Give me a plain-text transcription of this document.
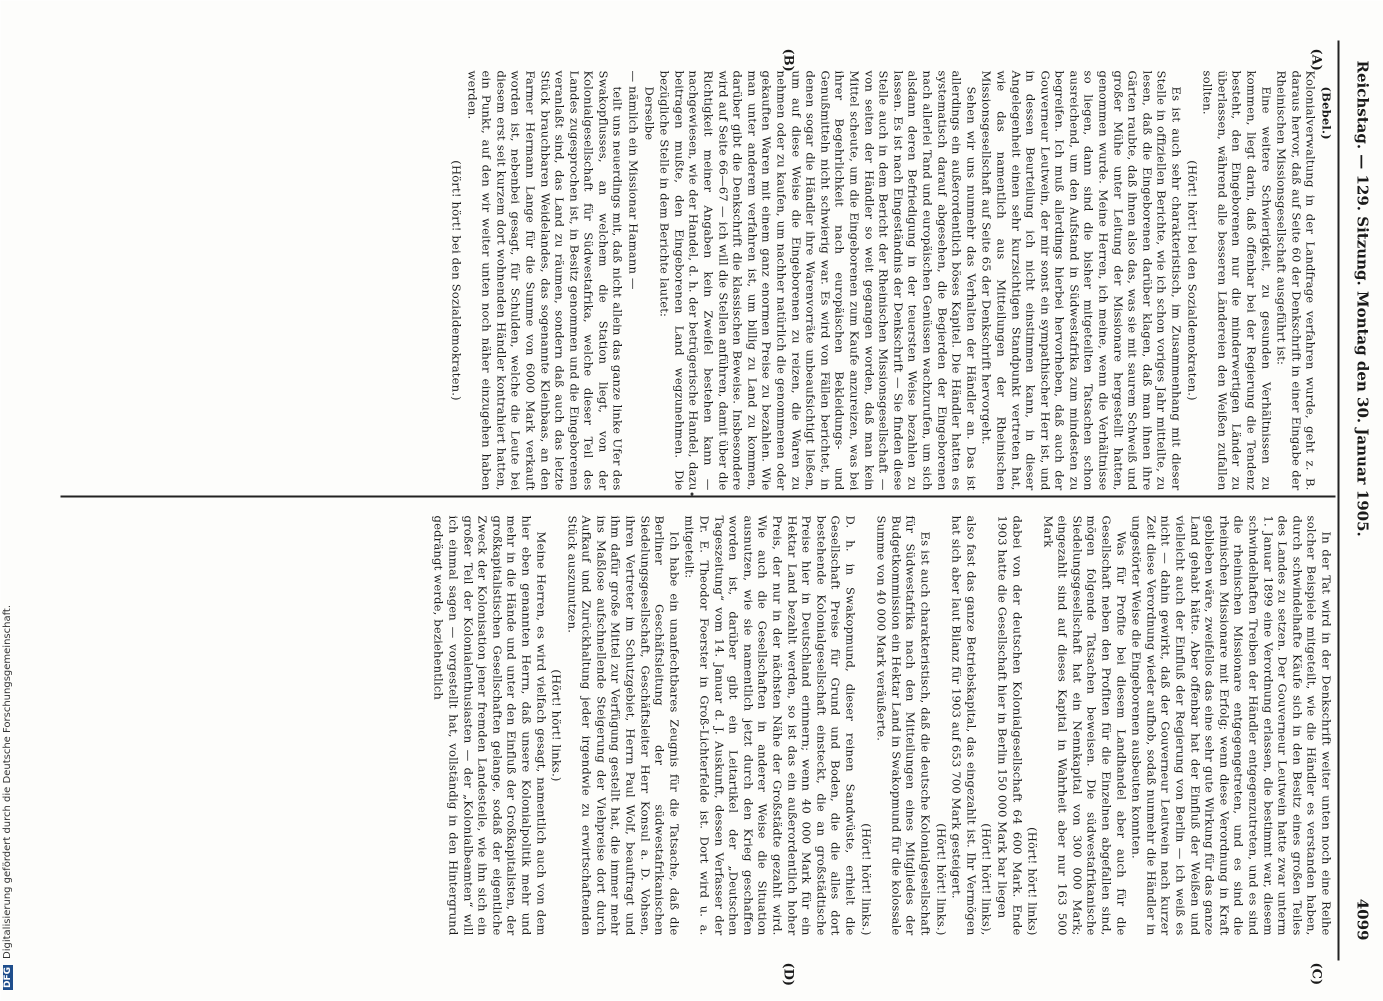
Reichstag. — 129. Sitzung. Montag den 30. Januar 1905.
4099
(A)
(B)
(C)
(D)

(Bebel.)

Kolonialverwaltung in der Landfrage verfahren wurde, geht z. B. daraus hervor, daß auf Seite 60 der Denkschrift in einer Eingabe der Rheinischen Missionsgesellschaft ausgeführt ist:

Eine weitere Schwierigkeit, zu gesunden Verhältnissen zu kommen, liegt darin, daß offenbar bei der Regierung die Tendenz besteht, den Eingeborenen nur die minderwertigen Länder zu überlassen, während alle besseren Ländereien den Weißen zufallen sollten.

(Hört! hört! bei den Sozialdemokraten.)

Es ist auch sehr charakteristisch, im Zusammenhang mit dieser Stelle in offiziellen Berichte, wie ich schon voriges Jahr mitteilte, zu lesen, daß die Eingeborenen darüber klagen, daß man ihnen ihre Gärten raubte, daß ihnen also das, was sie mit saurem Schweiß und großer Mühe unter Leitung der Missionare hergestellt hatten, genommen wurde. Meine Herren, ich meine, wenn die Verhältnisse so liegen, dann sind die bisher mitgeteilten Tatsachen schon ausreichend, um den Aufstand in Südwestafrika zum mindesten zu begreifen. Ich muß allerdings hierbei hervorheben, daß auch der Gouverneur Leutwein, der mir sonst ein sympathischer Herr ist, und in dessen Beurteilung ich nicht einstimmen kann, in dieser Angelegenheit einen sehr kurzsichtigen Standpunkt vertreten hat, wie das namentlich aus Mitteilungen der Rheinischen Missionsgesellschaft auf Seite 65 der Denkschrift hervorgeht.

Sehen wir uns nunmehr das Verhalten der Händler an. Das ist allerdings ein außerordentlich böses Kapitel. Die Händler hatten es systematisch darauf abgesehen, die Begierden der Eingeborenen nach allerlei Tand und europäischen Genüssen wachzurufen, um sich alsdann deren Befriedigung in der teuersten Weise bezahlen zu lassen. Es ist nach Eingeständnis der Denkschrift — Sie finden diese Stelle auch in dem Bericht der Rheinischen Missionsgesellschaft — von seiten der Händler so weit gegangen worden, daß man kein Mittel scheute, um die Eingeborenen zum Kaufe anzureizen, was bei ihrer Begehrlichkeit nach europäischen Bekleidungs- und Genußmitteln nicht schwierig war. Es wird von Fällen berichtet, in denen sogar die Händler ihre Warenvorräte unbeaufsichtigt ließen, um auf diese Weise die Eingeborenen zu reizen, die Waren zu nehmen oder zu kaufen, um nachher natürlich die genommenen oder gekauften Waren mit einem ganz enormen Preise zu bezahlen. Wie man unter anderem verfahren ist, um billig zu Land zu kommen, darüber gibt die Denkschrift die klassischen Beweise. Insbesondere wird auf Seite 66—67 — ich will die Stellen anführen, damit über die Richtigkeit meiner Angaben kein Zweifel bestehen kann — nachgewiesen, wie der Handel, d. h. der betrügerische Handel, dazu beitragen mußte, den Eingeborenen Land wegzunehmen. Die bezügliche Stelle in dem Berichte lautet:

Derselbe

— nämlich ein Missionar Hamann —

teilt uns neuerdings mit, daß nicht allein das ganze linke Ufer des Swakopflusses, an welchem die Station liegt, von der Kolonialgesellschaft für Südwestafrika, welche dieser Teil des Landes zugesprochen ist, in Besitz genommen und die Eingeborenen veranlaßt sind, das Land zu räumen, sondern daß auch das letzte Stück brauchbaren Weidelandes, das sogenannte Kleinbaas, an den Farmer Hermann Lange für die Summe von 6000 Mark verkauft worden ist, nebenbei gesagt, für Schulden, welche die Leute bei diesem erst seit kurzem dort wohnenden Händler kontrahiert hatten, ein Punkt, auf den wir weiter unten noch näher einzugehen haben werden.

(Hört! hört! bei den Sozialdemokraten.)

In der Tat wird in der Denkschrift weiter unten noch eine Reihe solcher Beispiele mitgeteilt, wie die Händler es verstanden haben, durch schwindelhafte Käufe sich in den Besitz eines großen Teiles des Landes zu setzen. Der Gouverneur Leutwein hatte zwar unterm 1. Januar 1899 eine Verordnung erlassen, die bestimmt war, diesem schwindelhaften Treiben der Händler entgegenzutreten, und es sind die rheinischen Missionare entgegengetreten, und es sind die rheinischen Missionare mit Erfolg; wenn diese Verordnung in Kraft geblieben wäre, zweifellos das eine sehr gute Wirkung für das ganze Land gehabt hätte. Aber offenbar hat der Einfluß der Weißen und vielleicht auch der Einfluß der Regierung von Berlin — ich weiß es nicht — dahin gewirkt, daß der Gouverneur Leutwein nach kurzer Zeit diese Verordnung wieder aufhob, sodaß nunmehr die Händler in ungestörter Weise die Eingeborenen ausbeuten konnten.

Was für Profite bei diesem Landhandel aber auch für die Gesellschaft neben den Profiten für die Einzelnen abgefallen sind, mögen folgende Tatsachen beweisen. Die südwestafrikanische Siedelungsgesellschaft hat ein Nennkapital von 300 000 Mark; eingezahlt sind auf dieses Kapital in Wahrheit aber nur 163 500 Mark

(Hört! hört! links)

dabei von der deutschen Kolonialgesellschaft 64 600 Mark. Ende 1903 hatte die Gesellschaft hier in Berlin 150 000 Mark bar liegen

(Hört! hört! links),

also fast das ganze Betriebskapital, das eingezahlt ist. Ihr Vermögen hat sich aber laut Bilanz für 1903 auf 653 700 Mark gesteigert.

(Hört! hört! links.)

Es ist auch charakteristisch, daß die deutsche Kolonialgesellschaft für Südwestafrika nach den Mitteilungen eines Mitgliedes der Budgetkommission ein Hektar Land in Swakopmund für die kolossale Summe von 40 000 Mark veräußerte.

(Hört! hört! links.)

D. h. in Swakopmund, dieser reinen Sandwüste, erhielt die Gesellschaft Preise für Grund und Boden, die die alles dort bestehende Kolonialgesellschaft einsteckt, die an großstädtische Preise hier in Deutschland erinnern; wenn 40 000 Mark für ein Hektar Land bezahlt werden, so ist das ein außerordentlich hoher Preis, der nur in der nächsten Nähe der Großstädte gezahlt wird. Wie auch die Gesellschaften in anderer Weise die Situation ausnutzen, wie sie namentlich jetzt durch den Krieg geschaffen worden ist, darüber gibt ein Leitartikel der „Deutschen Tageszeitung“ vom 14. Januar d. J. Auskunft, dessen Verfasser der Dr. E. Theodor Foerster in Groß-Lichterfelde ist. Dort wird u. a. mitgeteilt:

Ich habe ein unanfechtbares Zeugnis für die Tatsache, daß die Berliner Geschäftsleitung der südwestafrikanischen Siedelungsgesellschaft, Geschäftsleiter Herr Konsul a. D. Vohsen, ihren Vertreter im Schutzgebiet, Herrn Paul Wolf, beauftragt und ihm dafür große Mittel zur Verfügung gestellt hat, die immer mehr ins Maßlose aufschnellende Steigerung der Viehpreise dort durch Aufkauf und Zurückhaltung jeder irgendwie zu erwirtschaftenden Stück auszunutzen.

(Hört! hört! links.)

Meine Herren, es wird vielfach gesagt, namentlich auch von dem hier eben genannten Herrn, daß unsere Kolonialpolitik mehr und mehr in die Hände und unter den Einfluß der Großkapitalisten, der großkapitalistischen Gesellschaften gelange, sodaß der eigentliche Zweck der Kolonisation jener fremden Landesteile, wie ihn sich ein großer Teil der Kolonialenthusiasten — der „Kolonialbeamten“ will ich einmal sagen — vorgestellt hat, vollständig in den Hintergrund gedrängt werde, beziehentlich

DFGDigitalisierung gefördert durch die Deutsche Forschungsgemeinschaft.
